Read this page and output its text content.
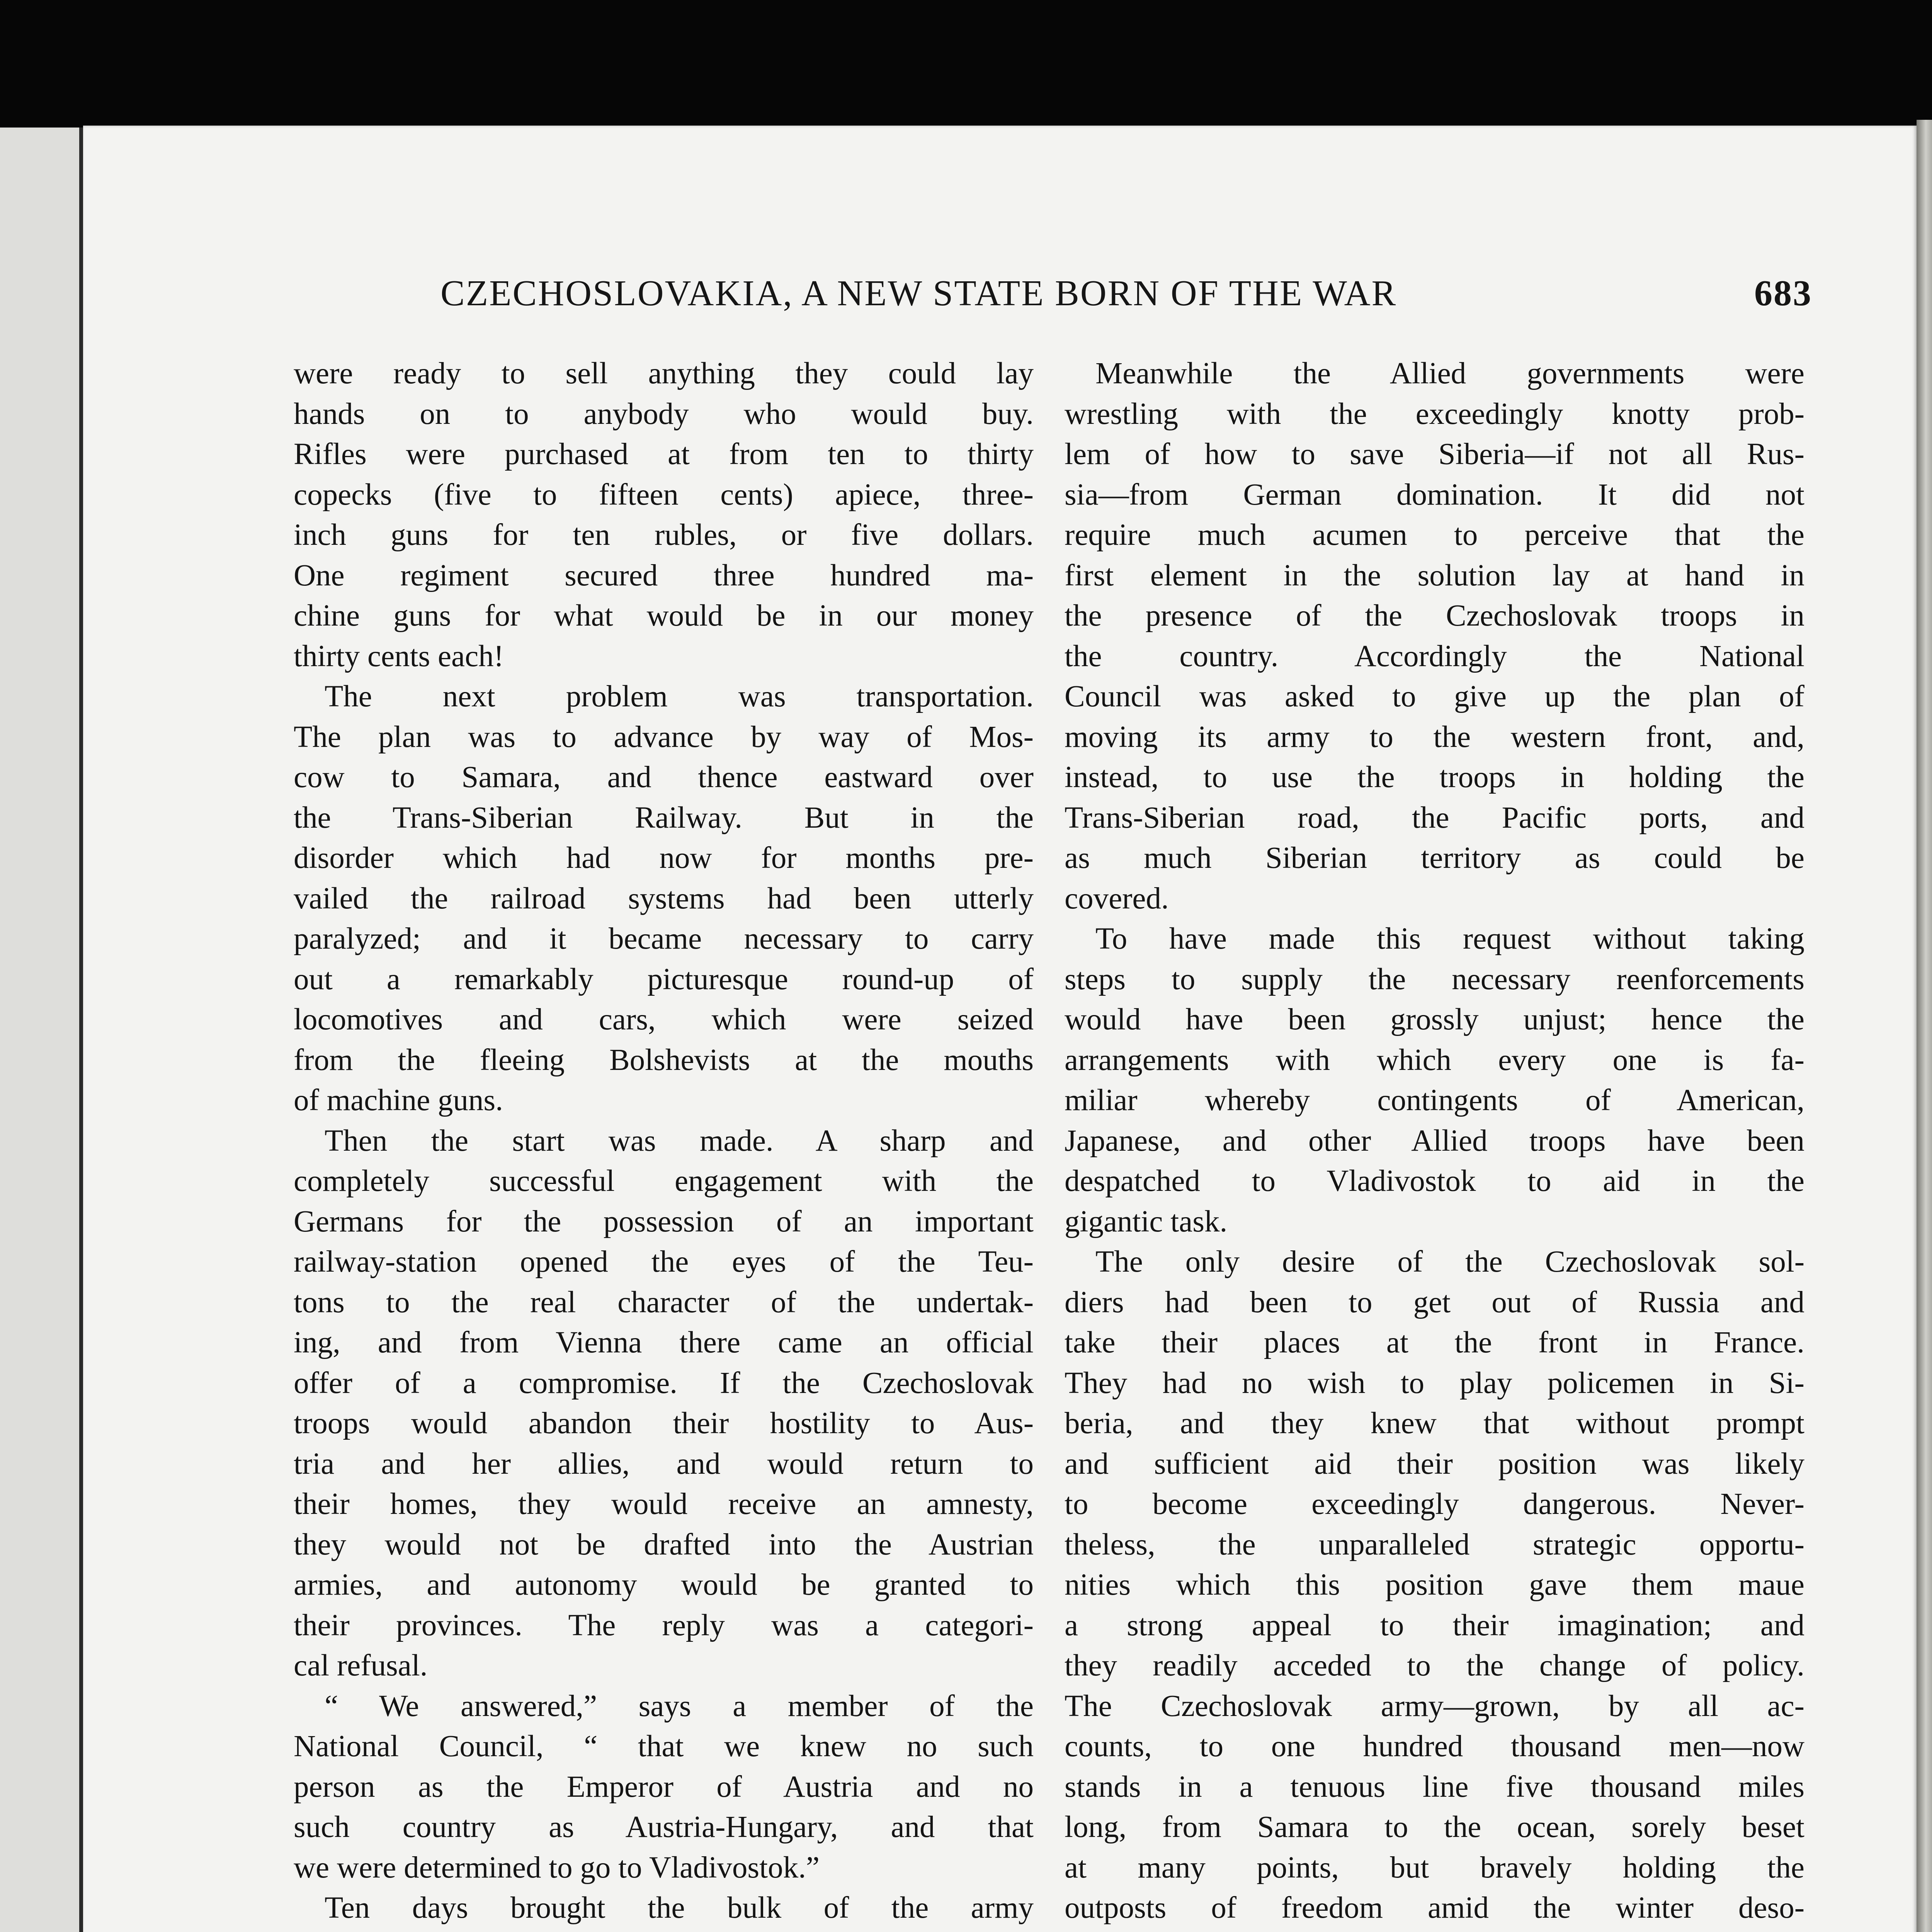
CZECHOSLOVAKIA, A NEW STATE BORN OF THE WAR	683
were ready to sell anything they could lay
hands on to anybody who would buy.
Rifles were purchased at from ten to thirty
copecks (five to fifteen cents) apiece, three-
inch guns for ten rubles, or five dollars.
One regiment secured three hundred ma-
chine guns for what would be in our money
thirty cents each!
The next problem was transportation.
The plan was to advance by way of Mos-
cow to Samara, and thence eastward over
the Trans-Siberian Railway. But in the
disorder which had now for months pre-
vailed the railroad systems had been utterly
paralyzed; and it became necessary to carry
out a remarkably picturesque round-up of
locomotives and cars, which were seized
from the fleeing Bolshevists at the mouths
of machine guns.
Then the start was made. A sharp and
completely successful engagement with the
Germans for the possession of an important
railway-station opened the eyes of the Teu-
tons to the real character of the undertak-
ing, and from Vienna there came an official
offer of a compromise. If the Czechoslovak
troops would abandon their hostility to Aus-
tria and her allies, and would return to
their homes, they would receive an amnesty,
they would not be drafted into the Austrian
armies, and autonomy would be granted to
their provinces. The reply was a categori-
cal refusal.
“ We answered,” says a member of the
National Council, “ that we knew no such
person as the Emperor of Austria and no
such country as Austria-Hungary, and that
we were determined to go to Vladivostok.”
Ten days brought the bulk of the army
Meanwhile the Allied governments were
wrestling with the exceedingly knotty prob-
lem of how to save Siberia—if not all Rus-
sia—from German domination. It did not
require much acumen to perceive that the
first element in the solution lay at hand in
the presence of the Czechoslovak troops in
the country. Accordingly the National
Council was asked to give up the plan of
moving its army to the western front, and,
instead, to use the troops in holding the
Trans-Siberian road, the Pacific ports, and
as much Siberian territory as could be
covered.
To have made this request without taking
steps to supply the necessary reenforcements
would have been grossly unjust; hence the
arrangements with which every one is fa-
miliar whereby contingents of American,
Japanese, and other Allied troops have been
despatched to Vladivostok to aid in the
gigantic task.
The only desire of the Czechoslovak sol-
diers had been to get out of Russia and
take their places at the front in France.
They had no wish to play policemen in Si-
beria, and they knew that without prompt
and sufficient aid their position was likely
to become exceedingly dangerous. Never-
theless, the unparalleled strategic opportu-
nities which this position gave them maue
a strong appeal to their imagination; and
they readily acceded to the change of policy.
The Czechoslovak army—grown, by all ac-
counts, to one hundred thousand men—now
stands in a tenuous line five thousand miles
long, from Samara to the ocean, sorely beset
at many points, but bravely holding the
outposts of freedom amid the winter deso-
